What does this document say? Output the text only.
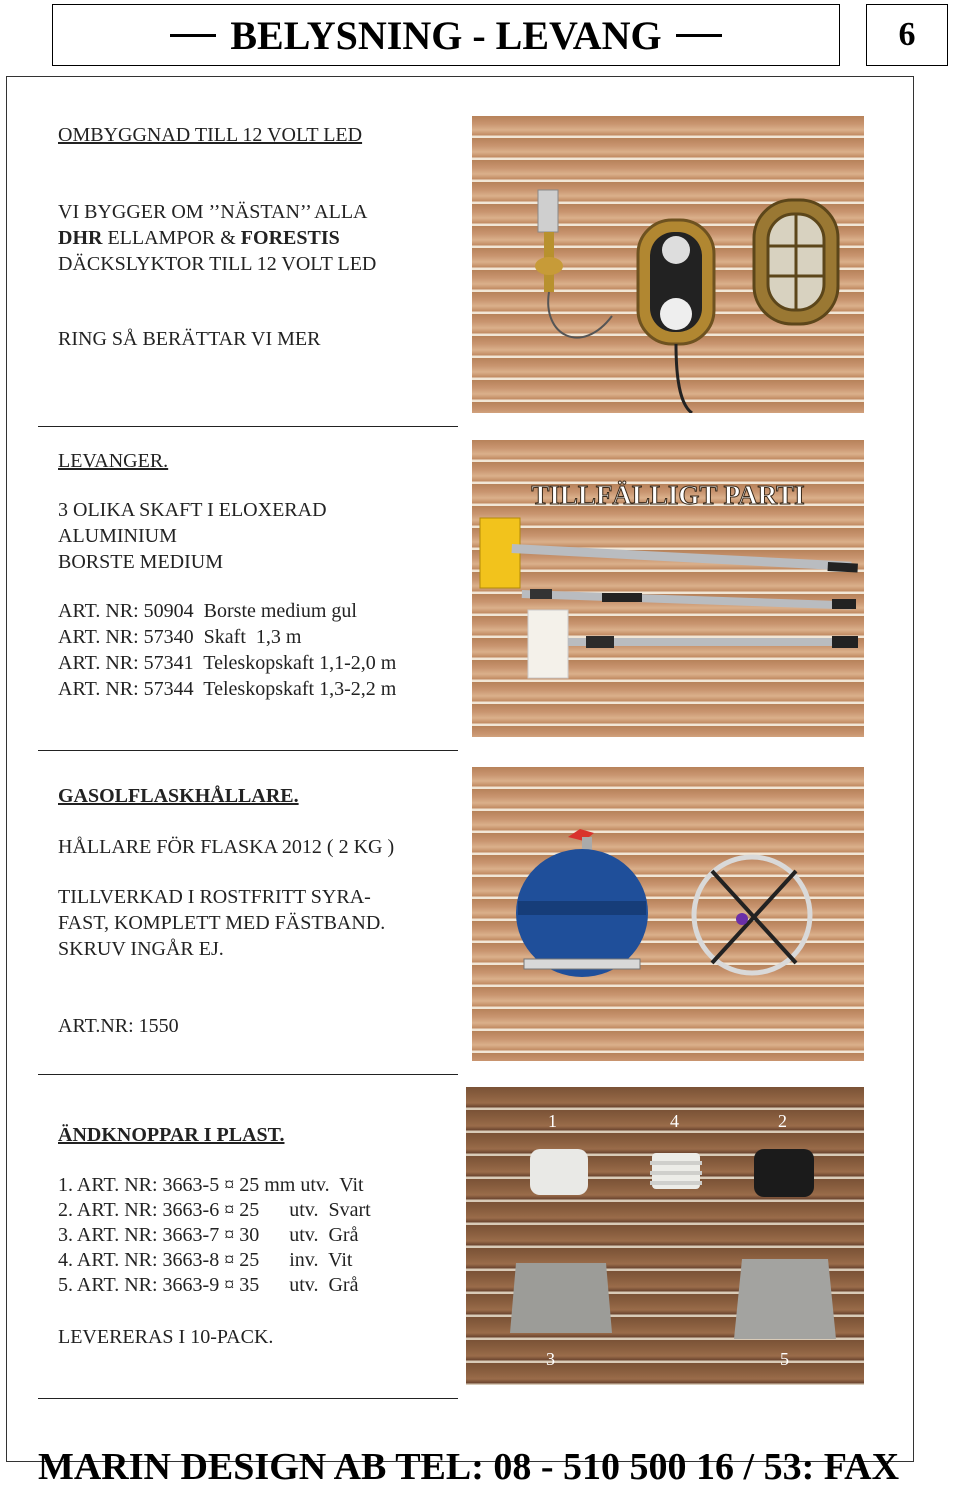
BELYSNING - LEVANG	6
OMBYGGNAD TILL 12 VOLT LED
VI BYGGER OM ’’NÄSTAN’’ ALLA
DHR ELLAMPOR & FORESTIS
DÄCKSLYKTOR TILL 12 VOLT LED
RING SÅ BERÄTTAR VI MER
LEVANGER.
3 OLIKA SKAFT I ELOXERAD
ALUMINIUM
BORSTE MEDIUM
ART. NR: 50904  Borste medium gul
ART. NR: 57340  Skaft  1,3 m
ART. NR: 57341  Teleskopskaft 1,1-2,0 m
ART. NR: 57344  Teleskopskaft 1,3-2,2 m
TILLFÄLLIGT PARTI
GASOLFLASKHÅLLARE.
HÅLLARE FÖR FLASKA 2012 ( 2 KG )
TILLVERKAD I ROSTFRITT SYRA-
FAST, KOMPLETT MED FÄSTBAND.
SKRUV INGÅR EJ.
ART.NR: 1550
ÄNDKNOPPAR I PLAST.
1. ART. NR: 3663-5 ¤ 25 mm utv.  Vit
2. ART. NR: 3663-6 ¤ 25      utv.  Svart
3. ART. NR: 3663-7 ¤ 30      utv.  Grå
4. ART. NR: 3663-8 ¤ 25      inv.  Vit
5. ART. NR: 3663-9 ¤ 35      utv.  Grå
LEVERERAS I 10-PACK.
1	4	2
3	5
MARIN DESIGN AB TEL: 08 - 510 500 16 / 53: FAX
